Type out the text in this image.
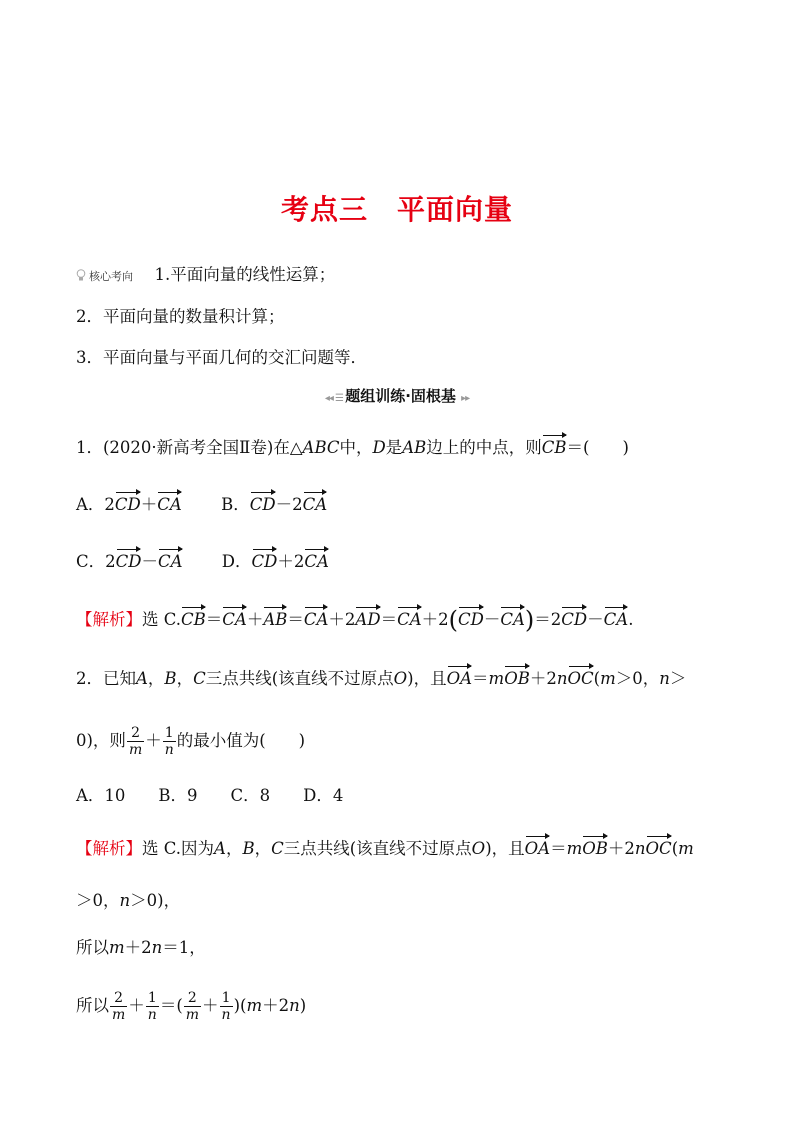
考点三　平面向量
核心考向 1.平面向量的线性运算；
2．平面向量的数量积计算；
3．平面向量与平面几何的交汇问题等．
◂◂ ☰ 题组训练·固根基 ▸▸
1．(2020·新高考全国Ⅱ卷)在△ABC中，D是AB边上的中点，则CB＝(　　)
A．2CD＋CA B．CD－2CA
C．2CD－CA D．CD＋2CA
【解析】选 C.CB＝CA＋AB＝CA＋2AD＝CA＋2(CD－CA)＝2CD－CA.
2．已知A，B，C三点共线(该直线不过原点O)，且OA＝mOB＋2nOC(m＞0，n＞
0)，则 $\frac{2}{m} + \frac{1}{n}$ 的最小值为(　　)
A．10　　B．9　　C．8　　D．4
【解析】选 C.因为A，B，C三点共线(该直线不过原点O)，且OA＝mOB＋2nOC(m
＞0，n＞0)，
所以m＋2n＝1，
所以 $\frac{2}{m} + \frac{1}{n}$ ＝( $\frac{2}{m} + \frac{1}{n} )(m+2n)$
